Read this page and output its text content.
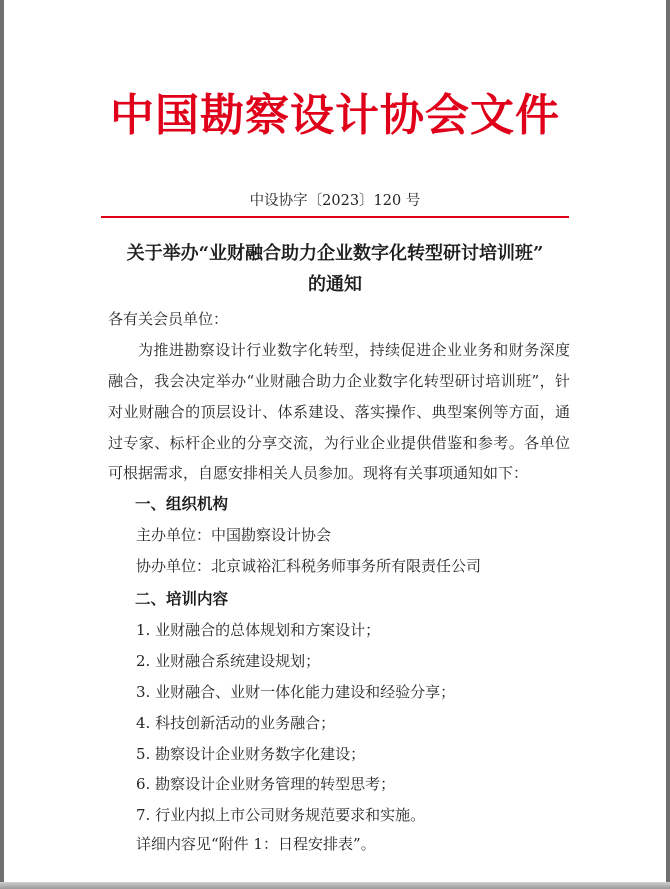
中国勘察设计协会文件
中设协字〔2023〕120 号
关于举办“业财融合助力企业数字化转型研讨培训班”
的通知
各有关会员单位：
为推进勘察设计行业数字化转型，持续促进企业业务和财务深度
融合，我会决定举办“业财融合助力企业数字化转型研讨培训班”，针
对业财融合的顶层设计、体系建设、落实操作、典型案例等方面，通
过专家、标杆企业的分享交流，为行业企业提供借鉴和参考。各单位
可根据需求，自愿安排相关人员参加。现将有关事项通知如下：
一、组织机构
主办单位：中国勘察设计协会
协办单位：北京诚裕汇科税务师事务所有限责任公司
二、培训内容
1. 业财融合的总体规划和方案设计；
2. 业财融合系统建设规划；
3. 业财融合、业财一体化能力建设和经验分享；
4. 科技创新活动的业务融合；
5. 勘察设计企业财务数字化建设；
6. 勘察设计企业财务管理的转型思考；
7. 行业内拟上市公司财务规范要求和实施。
详细内容见“附件 1：日程安排表”。
